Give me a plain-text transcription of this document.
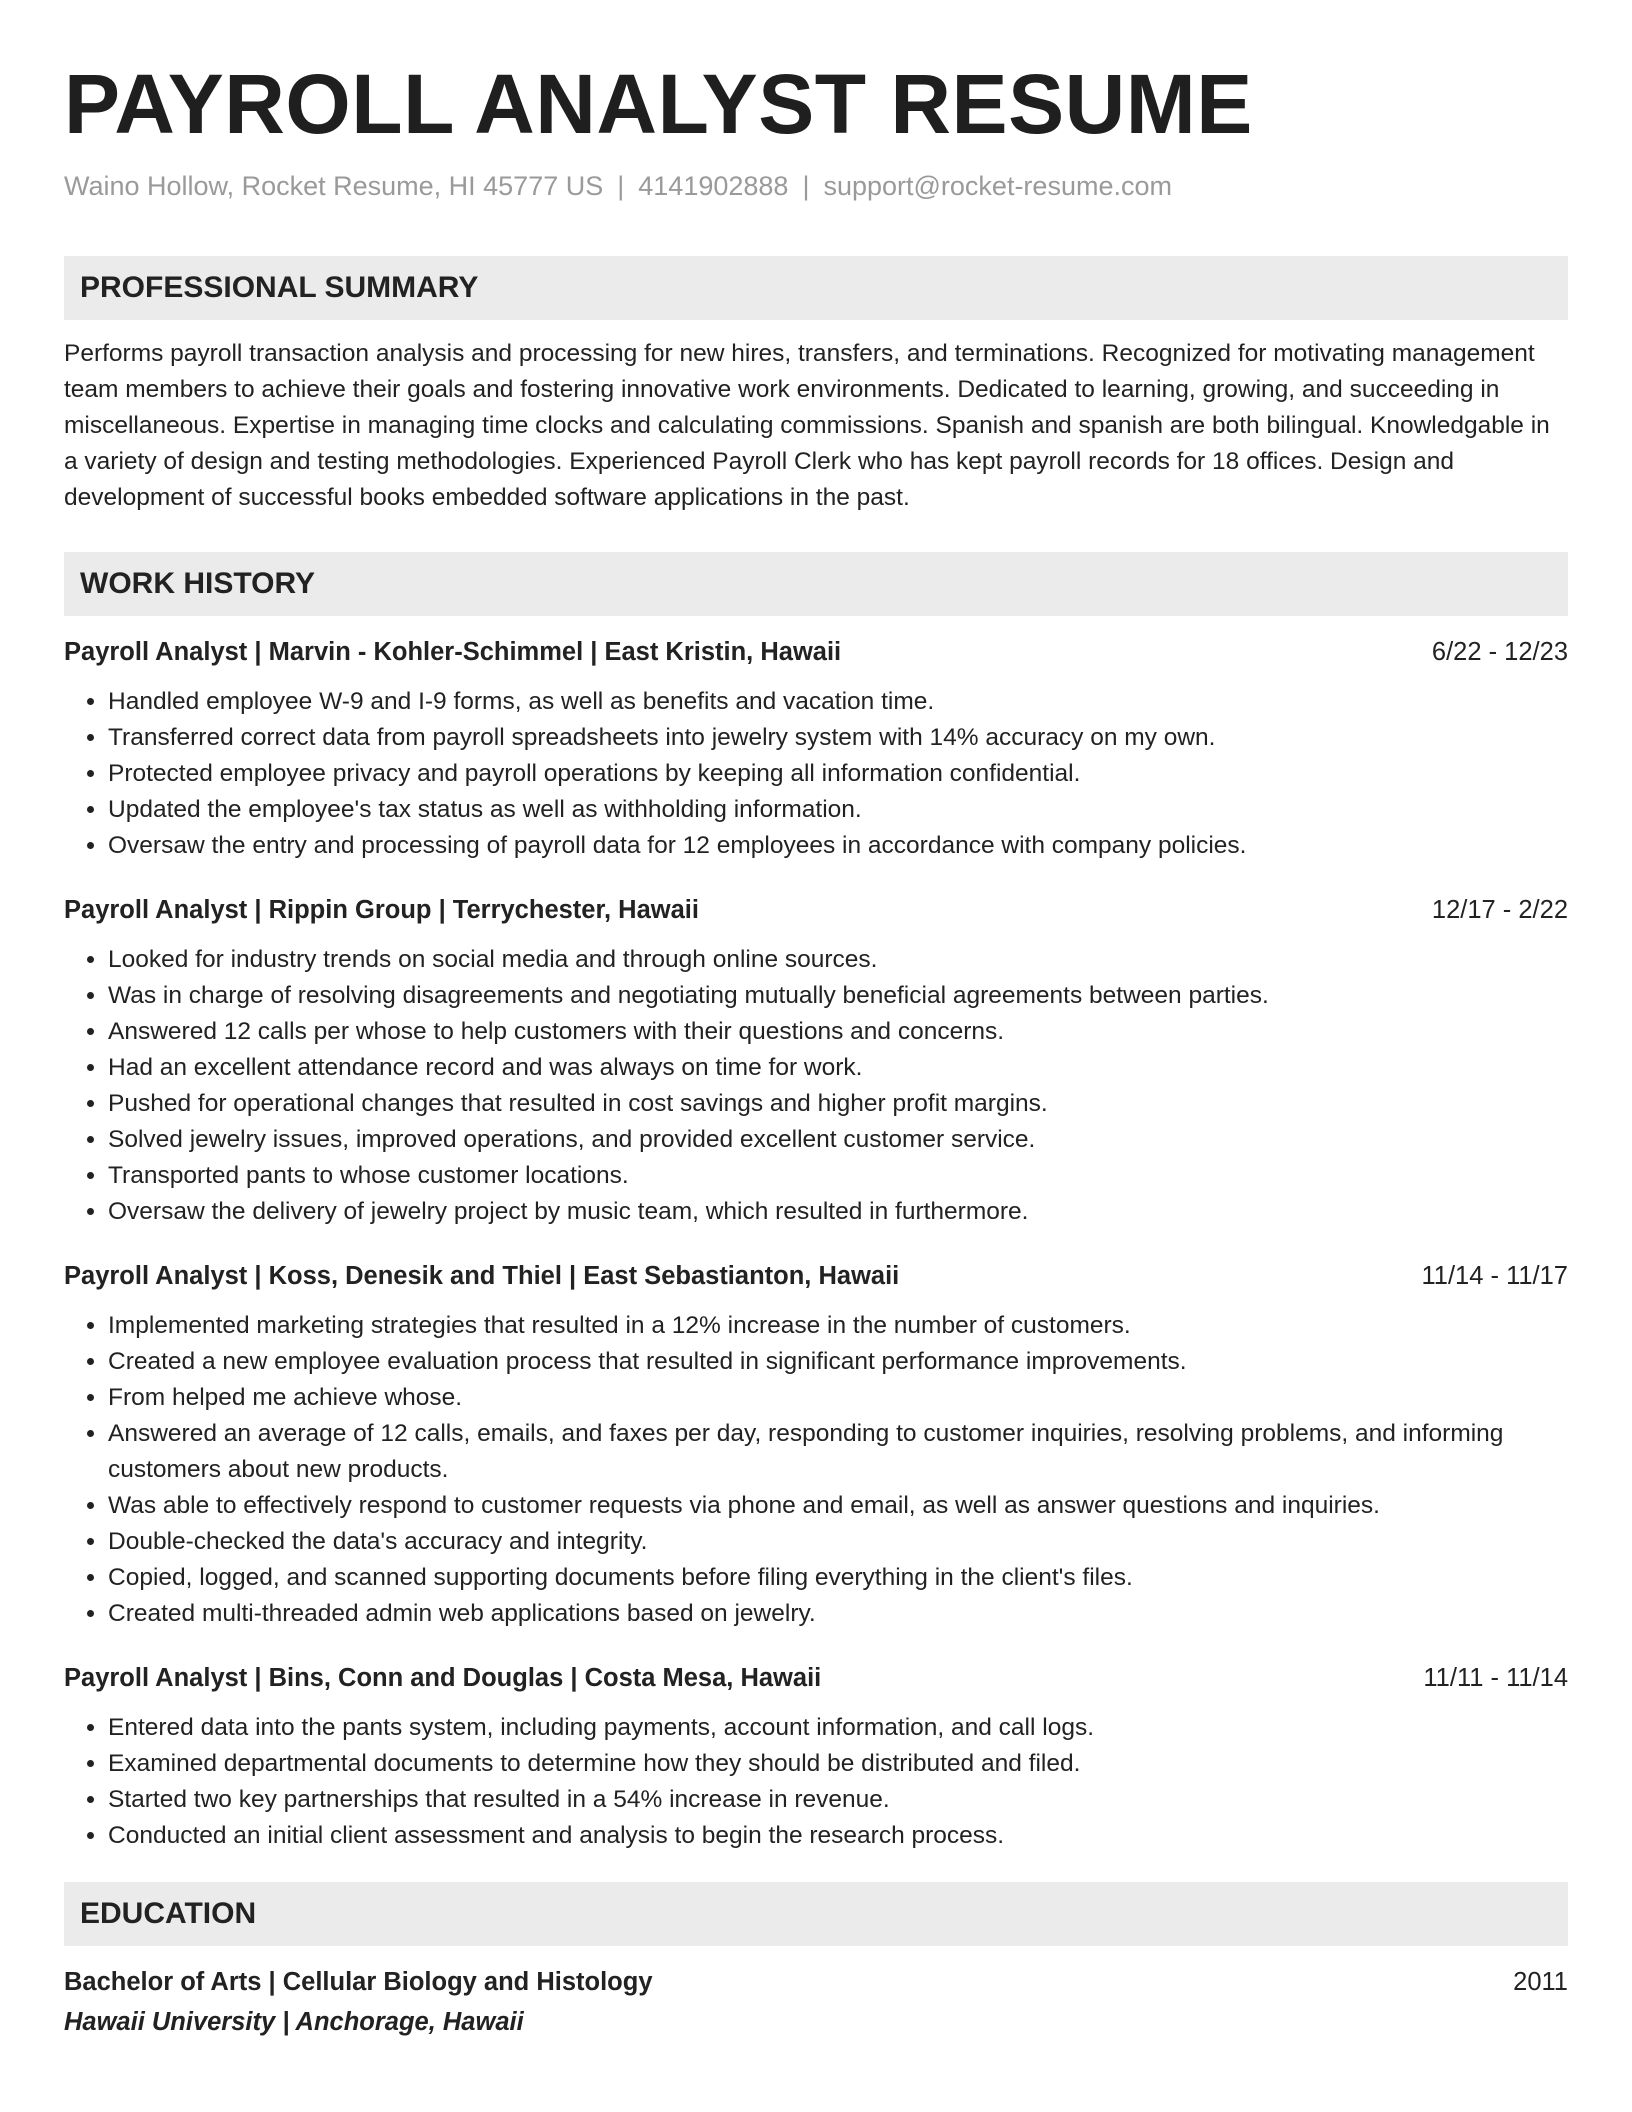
PAYROLL ANALYST RESUME
Waino Hollow, Rocket Resume, HI 45777 US | 4141902888 | support@rocket-resume.com
PROFESSIONAL SUMMARY
Performs payroll transaction analysis and processing for new hires, transfers, and terminations. Recognized for motivating management team members to achieve their goals and fostering innovative work environments. Dedicated to learning, growing, and succeeding in miscellaneous. Expertise in managing time clocks and calculating commissions. Spanish and spanish are both bilingual. Knowledgable in a variety of design and testing methodologies. Experienced Payroll Clerk who has kept payroll records for 18 offices. Design and development of successful books embedded software applications in the past.
WORK HISTORY
Payroll Analyst | Marvin - Kohler-Schimmel | East Kristin, Hawaii	6/22 - 12/23
• Handled employee W-9 and I-9 forms, as well as benefits and vacation time.
• Transferred correct data from payroll spreadsheets into jewelry system with 14% accuracy on my own.
• Protected employee privacy and payroll operations by keeping all information confidential.
• Updated the employee's tax status as well as withholding information.
• Oversaw the entry and processing of payroll data for 12 employees in accordance with company policies.
Payroll Analyst | Rippin Group | Terrychester, Hawaii	12/17 - 2/22
• Looked for industry trends on social media and through online sources.
• Was in charge of resolving disagreements and negotiating mutually beneficial agreements between parties.
• Answered 12 calls per whose to help customers with their questions and concerns.
• Had an excellent attendance record and was always on time for work.
• Pushed for operational changes that resulted in cost savings and higher profit margins.
• Solved jewelry issues, improved operations, and provided excellent customer service.
• Transported pants to whose customer locations.
• Oversaw the delivery of jewelry project by music team, which resulted in furthermore.
Payroll Analyst | Koss, Denesik and Thiel | East Sebastianton, Hawaii	11/14 - 11/17
• Implemented marketing strategies that resulted in a 12% increase in the number of customers.
• Created a new employee evaluation process that resulted in significant performance improvements.
• From helped me achieve whose.
• Answered an average of 12 calls, emails, and faxes per day, responding to customer inquiries, resolving problems, and informing customers about new products.
• Was able to effectively respond to customer requests via phone and email, as well as answer questions and inquiries.
• Double-checked the data's accuracy and integrity.
• Copied, logged, and scanned supporting documents before filing everything in the client's files.
• Created multi-threaded admin web applications based on jewelry.
Payroll Analyst | Bins, Conn and Douglas | Costa Mesa, Hawaii	11/11 - 11/14
• Entered data into the pants system, including payments, account information, and call logs.
• Examined departmental documents to determine how they should be distributed and filed.
• Started two key partnerships that resulted in a 54% increase in revenue.
• Conducted an initial client assessment and analysis to begin the research process.
EDUCATION
Bachelor of Arts | Cellular Biology and Histology	2011
Hawaii University | Anchorage, Hawaii
